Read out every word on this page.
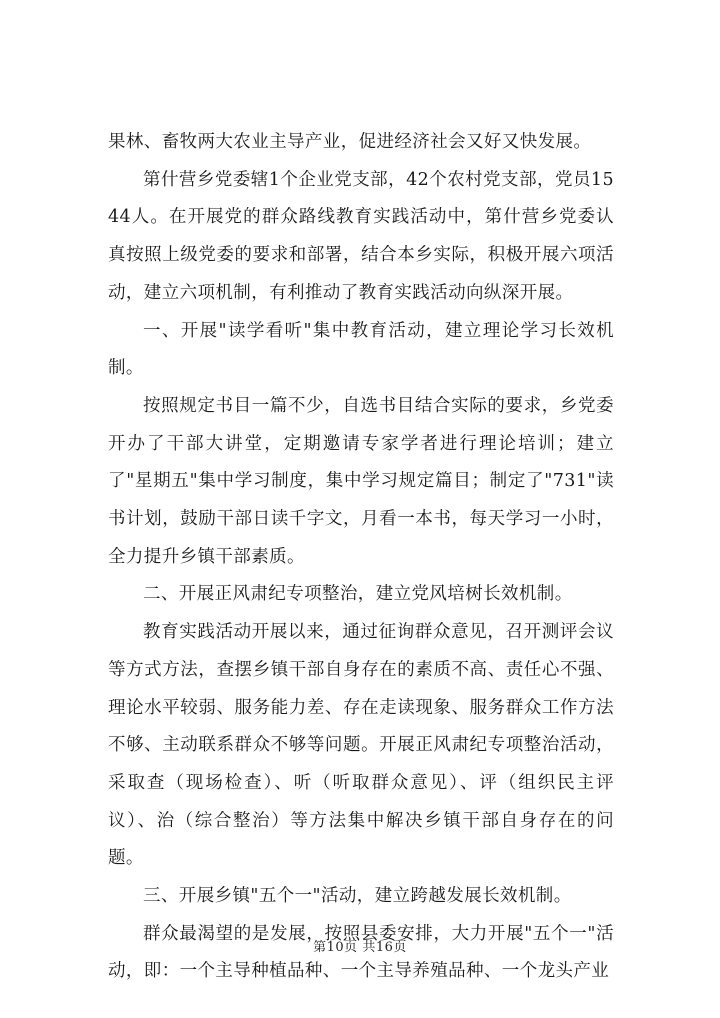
果林、畜牧两大农业主导产业，促进经济社会又好又快发展。

第什营乡党委辖1个企业党支部，42个农村党支部，党员1544人。在开展党的群众路线教育实践活动中，第什营乡党委认真按照上级党委的要求和部署，结合本乡实际，积极开展六项活动，建立六项机制，有利推动了教育实践活动向纵深开展。

一、开展"读学看听"集中教育活动，建立理论学习长效机制。

按照规定书目一篇不少，自选书目结合实际的要求，乡党委开办了干部大讲堂，定期邀请专家学者进行理论培训；建立了"星期五"集中学习制度，集中学习规定篇目；制定了"731"读书计划，鼓励干部日读千字文，月看一本书，每天学习一小时，全力提升乡镇干部素质。

二、开展正风肃纪专项整治，建立党风培树长效机制。

教育实践活动开展以来，通过征询群众意见，召开测评会议等方式方法，查摆乡镇干部自身存在的素质不高、责任心不强、理论水平较弱、服务能力差、存在走读现象、服务群众工作方法不够、主动联系群众不够等问题。开展正风肃纪专项整治活动，采取查（现场检查）、听（听取群众意见）、评（组织民主评议）、治（综合整治）等方法集中解决乡镇干部自身存在的问题。

三、开展乡镇"五个一"活动，建立跨越发展长效机制。

群众最渴望的是发展，按照县委安排，大力开展"五个一"活动，即：一个主导种植品种、一个主导养殖品种、一个龙头产业

第10页 共16页
